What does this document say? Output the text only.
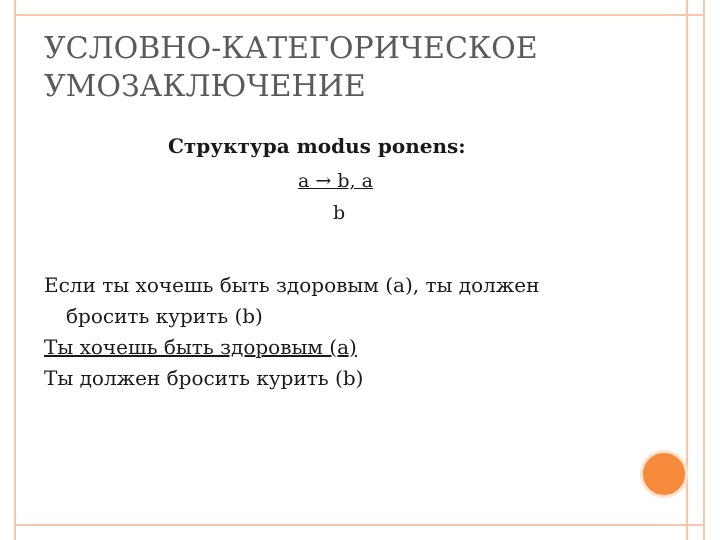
УСЛОВНО-КАТЕГОРИЧЕСКОЕ УМОЗАКЛЮЧЕНИЕ
Структура modus ponens:
a → b, a
b
Если ты хочешь быть здоровым (a), ты должен
бросить курить (b)
Ты хочешь быть здоровым (a)
Ты должен бросить курить (b)
